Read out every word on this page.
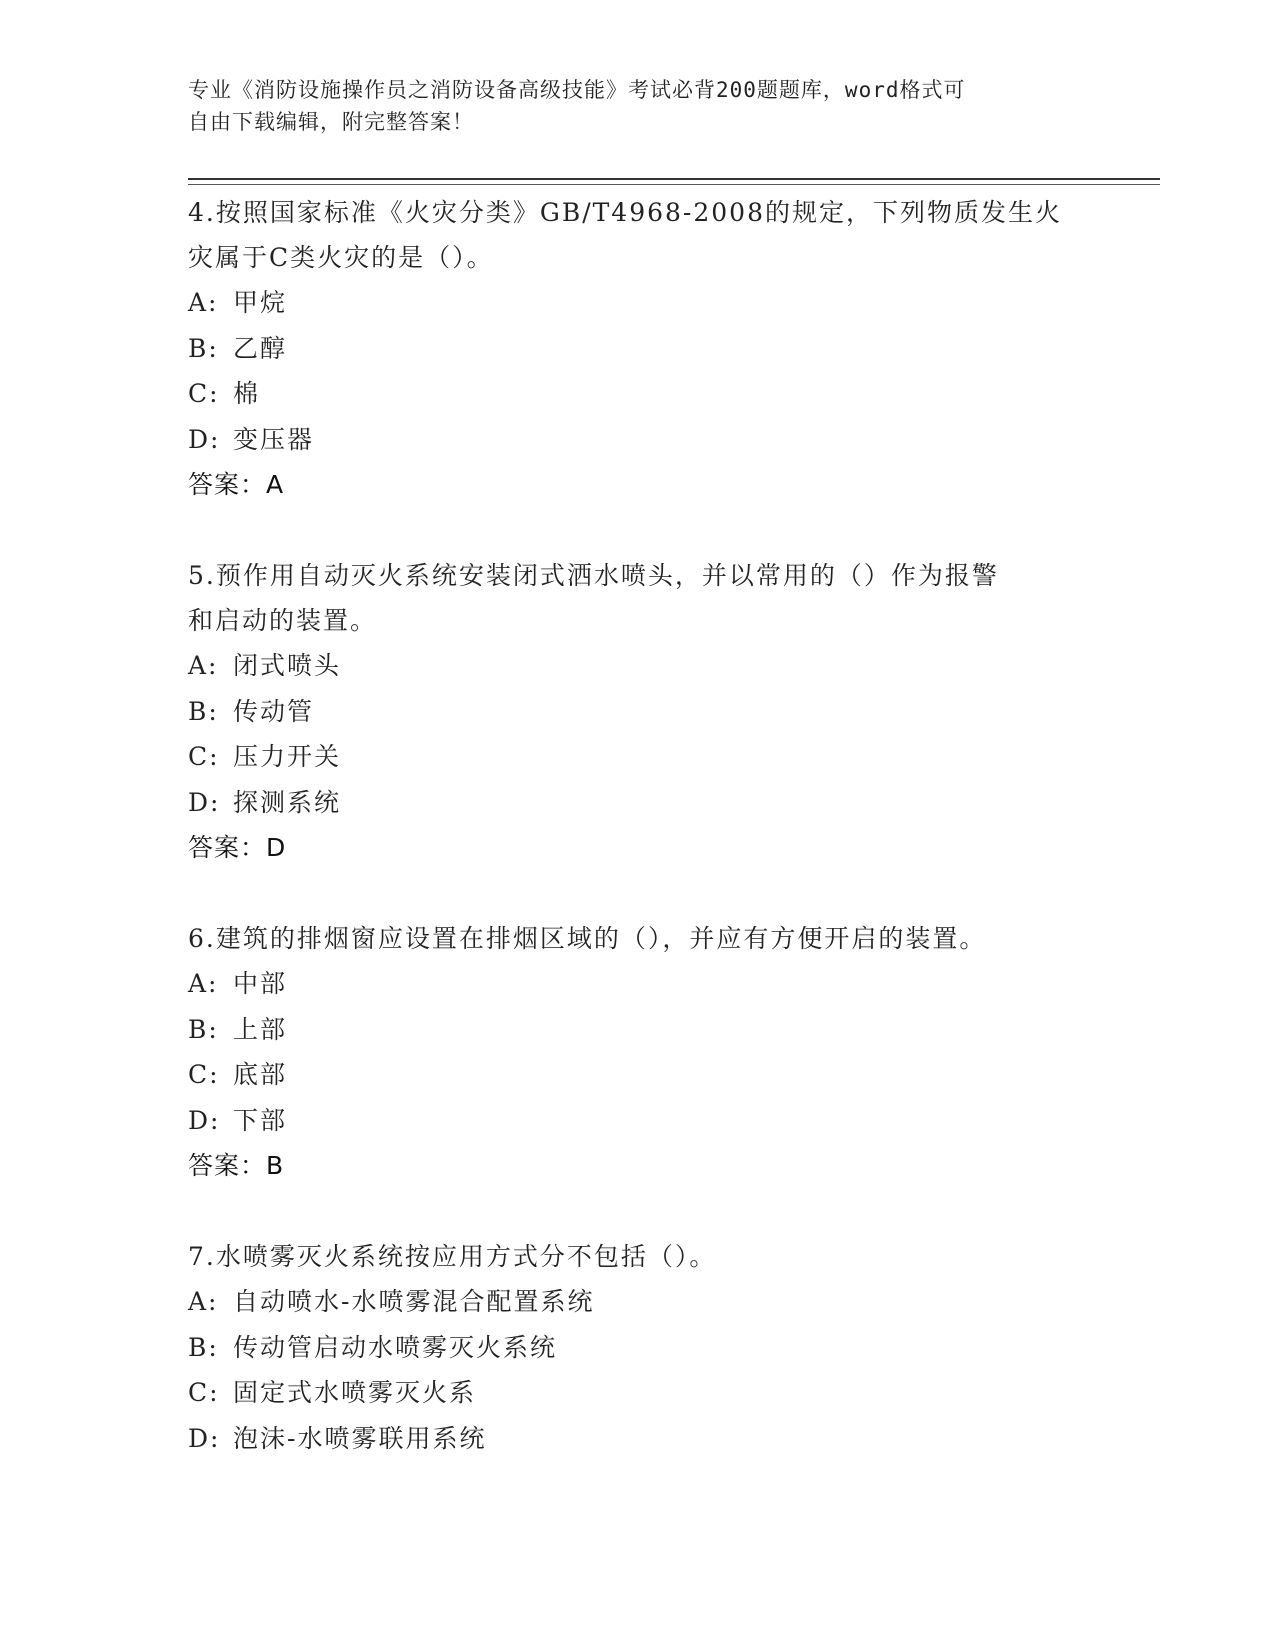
专业《消防设施操作员之消防设备高级技能》考试必背200题题库，word格式可
自由下载编辑，附完整答案！
4.按照国家标准《火灾分类》GB/T4968-2008的规定，下列物质发生火
灾属于C类火灾的是（）。
A: 甲烷
B: 乙醇
C: 棉
D: 变压器
答案：A
5.预作用自动灭火系统安装闭式洒水喷头，并以常用的（）作为报警
和启动的装置。
A: 闭式喷头
B: 传动管
C: 压力开关
D: 探测系统
答案：D
6.建筑的排烟窗应设置在排烟区域的（），并应有方便开启的装置。
A: 中部
B: 上部
C: 底部
D: 下部
答案：B
7.水喷雾灭火系统按应用方式分不包括（）。
A: 自动喷水-水喷雾混合配置系统
B: 传动管启动水喷雾灭火系统
C: 固定式水喷雾灭火系
D: 泡沫-水喷雾联用系统
